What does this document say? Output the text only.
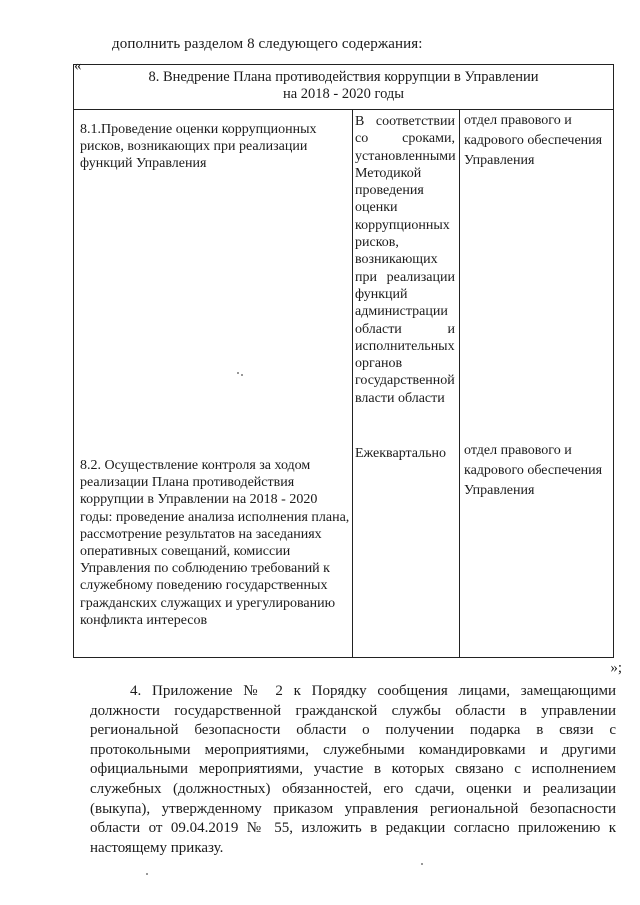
дополнить разделом 8 следующего содержания:
«
8. Внедрение Плана противодействия коррупции в Управлении
на 2018 - 2020 годы
8.1.Проведение оценки коррупционных рисков, возникающих при реализации функций Управления
В соответствии со сроками, установленными Методикой проведения оценки коррупционных рисков, возникающих при реализации функций администрации области и исполнительных органов государственной власти области
отдел правового и кадрового обеспечения Управления
8.2. Осуществление контроля за ходом реализации Плана противодействия коррупции в Управлении на 2018 - 2020 годы: проведение анализа исполнения плана, рассмотрение результатов на заседаниях оперативных совещаний, комиссии Управления по соблюдению требований к служебному поведению государственных гражданских служащих и урегулированию конфликта интересов
Ежеквартально	отдел правового и кадрового обеспечения Управления
»;
4. Приложение № 2 к Порядку сообщения лицами, замещающими должности государственной гражданской службы области в управлении региональной безопасности области о получении подарка в связи с протокольными мероприятиями, служебными командировками и другими официальными мероприятиями, участие в которых связано с исполнением служебных (должностных) обязанностей, его сдачи, оценки и реализации (выкупа), утвержденному приказом управления региональной безопасности области от 09.04.2019 № 55, изложить в редакции согласно приложению к настоящему приказу.
